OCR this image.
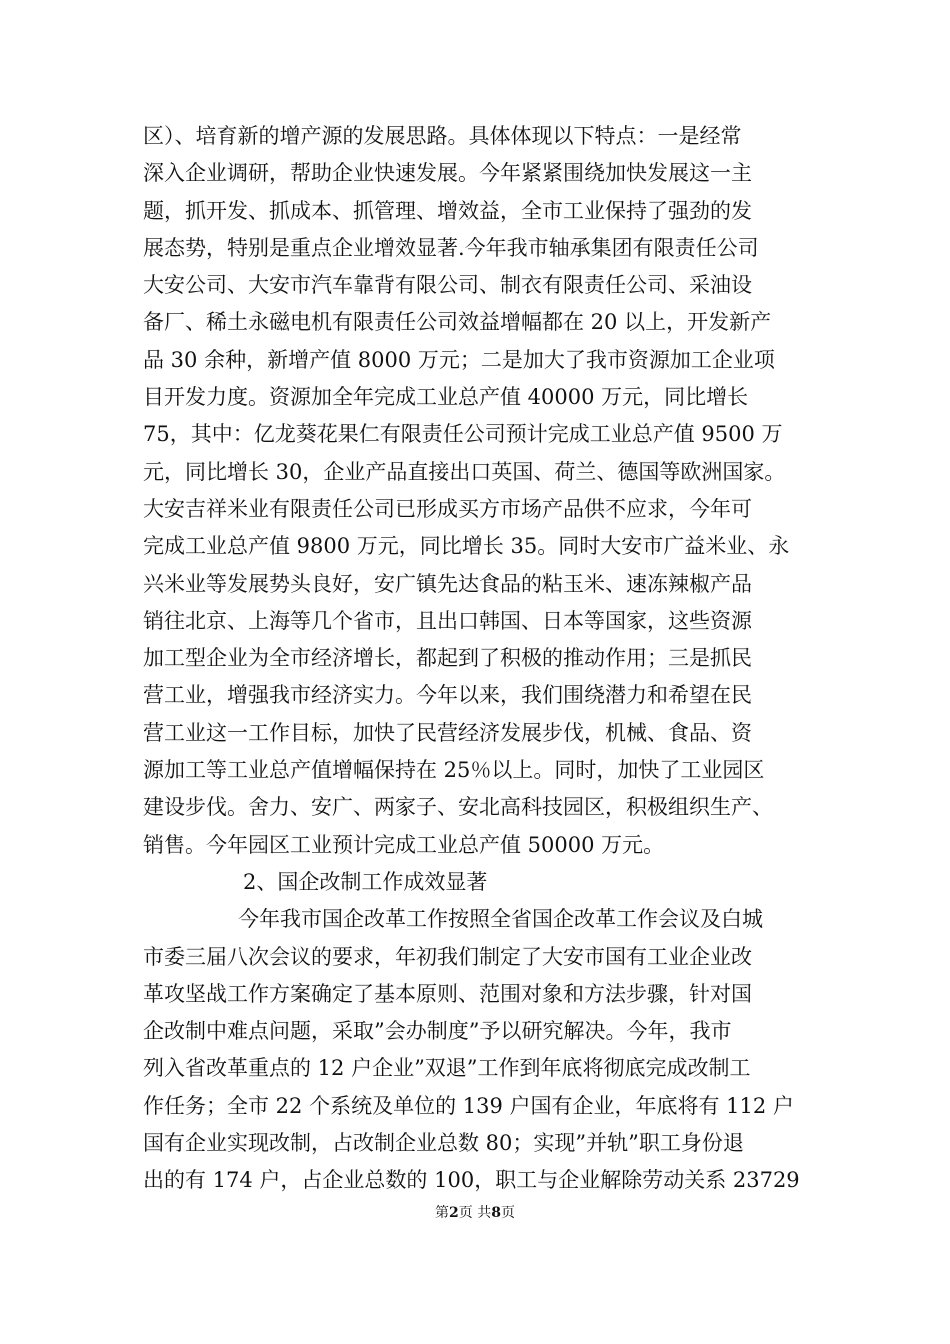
区）、培育新的增产源的发展思路。具体体现以下特点：一是经常
深入企业调研，帮助企业快速发展。今年紧紧围绕加快发展这一主
题，抓开发、抓成本、抓管理、增效益，全市工业保持了强劲的发
展态势，特别是重点企业增效显著.今年我市轴承集团有限责任公司
大安公司、大安市汽车靠背有限公司、制衣有限责任公司、采油设
备厂、稀土永磁电机有限责任公司效益增幅都在 20 以上，开发新产
品 30 余种，新增产值 8000 万元；二是加大了我市资源加工企业项
目开发力度。资源加全年完成工业总产值 40000 万元，同比增长
75，其中：亿龙葵花果仁有限责任公司预计完成工业总产值 9500 万
元，同比增长 30，企业产品直接出口英国、荷兰、德国等欧洲国家。
大安吉祥米业有限责任公司已形成买方市场产品供不应求，今年可
完成工业总产值 9800 万元，同比增长 35。同时大安市广益米业、永
兴米业等发展势头良好，安广镇先达食品的粘玉米、速冻辣椒产品
销往北京、上海等几个省市，且出口韩国、日本等国家，这些资源
加工型企业为全市经济增长，都起到了积极的推动作用；三是抓民
营工业，增强我市经济实力。今年以来，我们围绕潜力和希望在民
营工业这一工作目标，加快了民营经济发展步伐，机械、食品、资
源加工等工业总产值增幅保持在 25％以上。同时，加快了工业园区
建设步伐。舍力、安广、两家子、安北高科技园区，积极组织生产、
销售。今年园区工业预计完成工业总产值 50000 万元。
2、国企改制工作成效显著
今年我市国企改革工作按照全省国企改革工作会议及白城
市委三届八次会议的要求，年初我们制定了大安市国有工业企业改
革攻坚战工作方案确定了基本原则、范围对象和方法步骤，针对国
企改制中难点问题，采取”会办制度”予以研究解决。今年，我市
列入省改革重点的 12 户企业”双退”工作到年底将彻底完成改制工
作任务；全市 22 个系统及单位的 139 户国有企业，年底将有 112 户
国有企业实现改制，占改制企业总数 80；实现”并轨”职工身份退
出的有 174 户，占企业总数的 100，职工与企业解除劳动关系 23729
第2页 共8页
